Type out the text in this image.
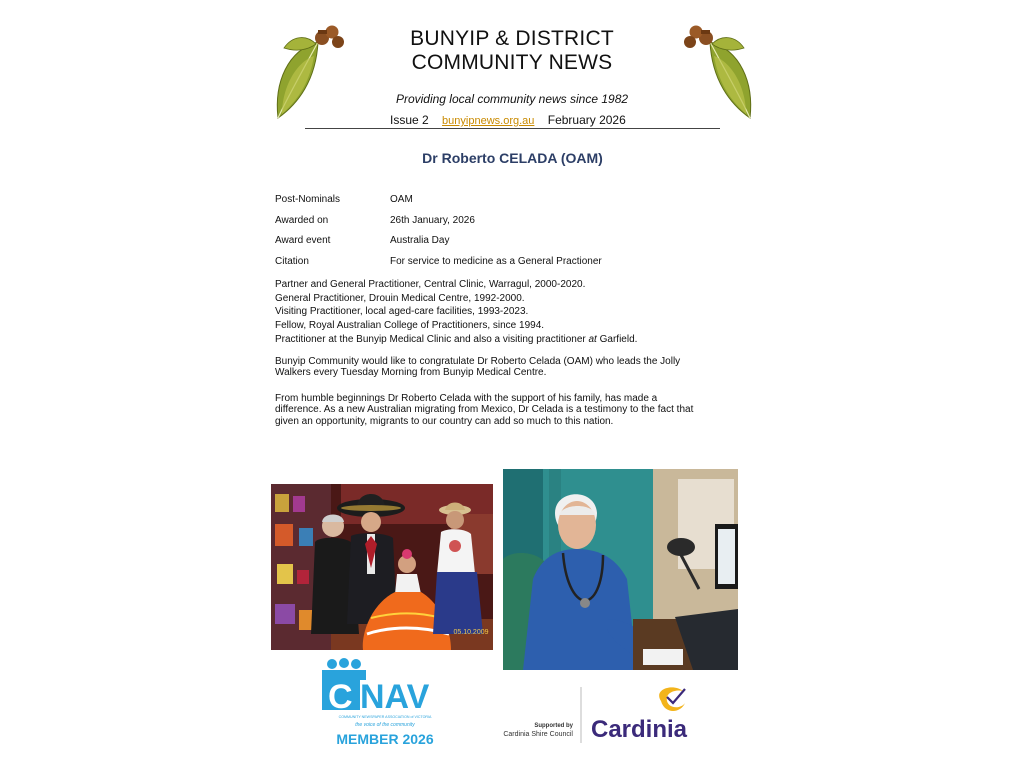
BUNYIP & DISTRICT
COMMUNITY NEWS
Providing local community news since 1982
Issue 2 bunyipnews.org.au February 2026
Dr Roberto CELADA (OAM)
Post-Nominals	OAM
Awarded on	26th January, 2026
Award event	Australia Day
Citation	For service to medicine as a General Practioner
Partner and General Practitioner, Central Clinic, Warragul, 2000-2020.
General Practitioner, Drouin Medical Centre, 1992-2000.
Visiting Practitioner, local aged-care facilities, 1993-2023.
Fellow, Royal Australian College of Practitioners, since 1994.
Practitioner at the Bunyip Medical Clinic and also a visiting practitioner at Garfield.
Bunyip Community would like to congratulate Dr Roberto Celada (OAM) who leads the Jolly
Walkers every Tuesday Morning from Bunyip Medical Centre.
From humble beginnings Dr Roberto Celada with the support of his family, has made a
difference. As a new Australian migrating from Mexico, Dr Celada is a testimony to the fact that
given an opportunity, migrants to our country can add so much to this nation.
05.10.2009
C NAV
COMMUNITY NEWSPAPER ASSOCIATION of VICTORIA
the voice of the community
MEMBER 2026
Supported by
Cardinia Shire Council Cardinia
